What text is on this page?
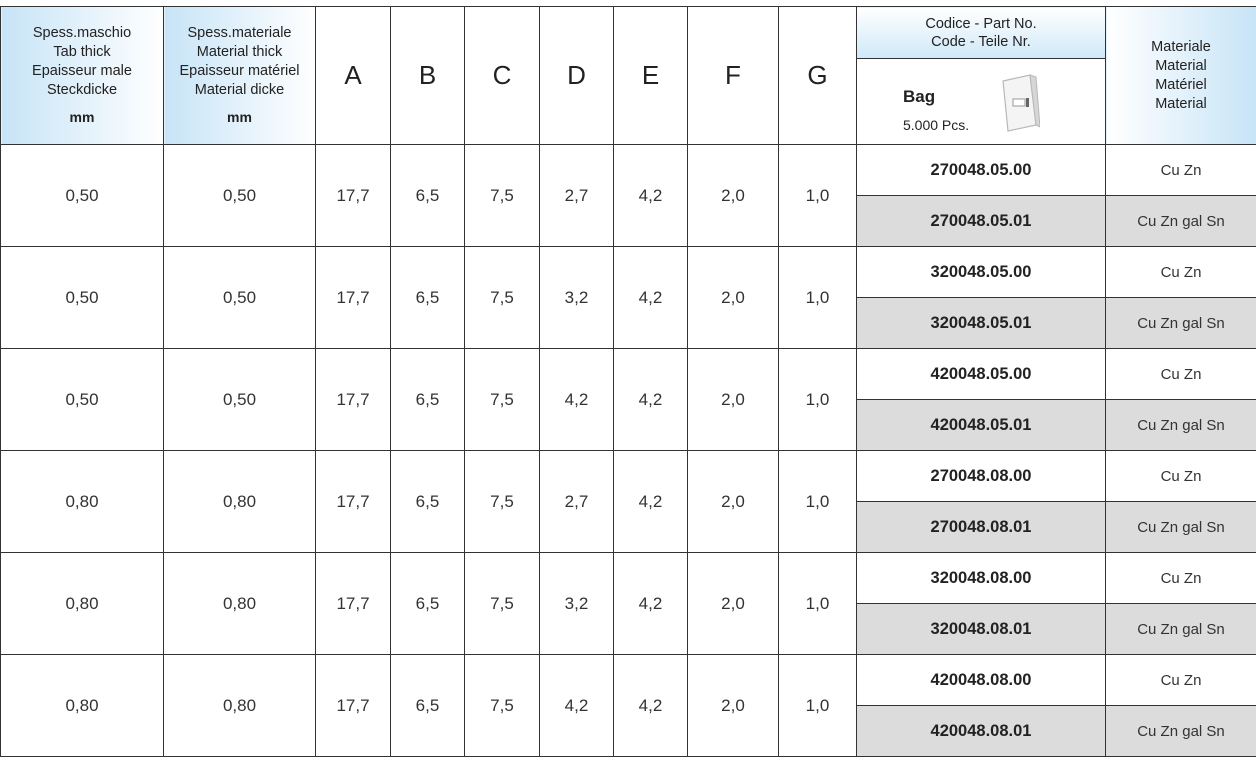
Spess.maschio
Tab thick
Epaisseur male
Steckdicke
mm	Spess.materiale
Material thick
Epaisseur matériel
Material dicke
mm	A	B	C	D	E	F	G	Codice - Part No.
Code - Teile Nr.	Materiale
Material
Matériel
Material

									Bag
5.000 Pcs.	

0,50	0,50	17,7	6,5	7,5	2,7	4,2	2,0	1,0	270048.05.00	Cu Zn
									270048.05.01	Cu Zn gal Sn
0,50	0,50	17,7	6,5	7,5	3,2	4,2	2,0	1,0	320048.05.00	Cu Zn
									320048.05.01	Cu Zn gal Sn
0,50	0,50	17,7	6,5	7,5	4,2	4,2	2,0	1,0	420048.05.00	Cu Zn
									420048.05.01	Cu Zn gal Sn
0,80	0,80	17,7	6,5	7,5	2,7	4,2	2,0	1,0	270048.08.00	Cu Zn
									270048.08.01	Cu Zn gal Sn
0,80	0,80	17,7	6,5	7,5	3,2	4,2	2,0	1,0	320048.08.00	Cu Zn
									320048.08.01	Cu Zn gal Sn
0,80	0,80	17,7	6,5	7,5	4,2	4,2	2,0	1,0	420048.08.00	Cu Zn
									420048.08.01	Cu Zn gal Sn
